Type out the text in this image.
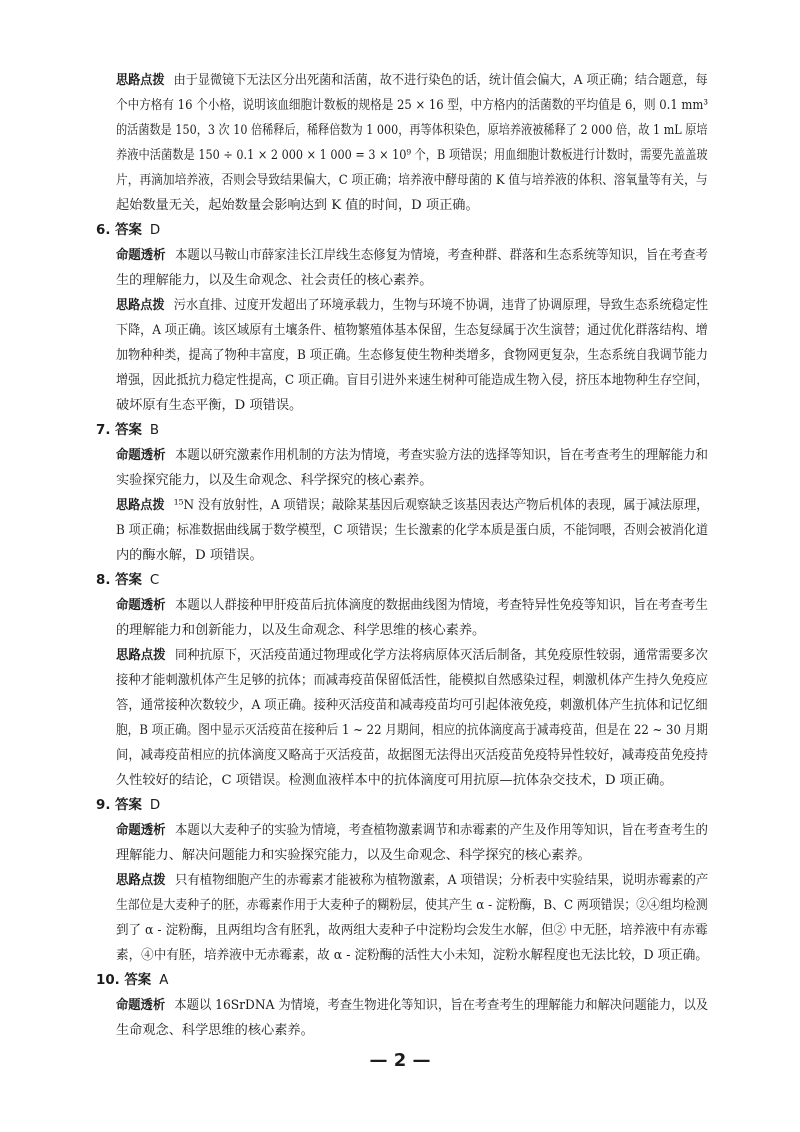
思路点拨 由于显微镜下无法区分出死菌和活菌，故不进行染色的话，统计值会偏大，A 项正确；结合题意，每
个中方格有 16 个小格，说明该血细胞计数板的规格是 25 × 16 型，中方格内的活菌数的平均值是 6，则 0.1 mm³
的活菌数是 150，3 次 10 倍稀释后，稀释倍数为 1 000，再等体积染色，原培养液被稀释了 2 000 倍，故 1 mL 原培
养液中活菌数是 150 ÷ 0.1 × 2 000 × 1 000 = 3 × 10⁹ 个，B 项错误；用血细胞计数板进行计数时，需要先盖盖玻
片，再滴加培养液，否则会导致结果偏大，C 项正确；培养液中酵母菌的 K 值与培养液的体积、溶氧量等有关，与
起始数量无关，起始数量会影响达到 K 值的时间，D 项正确。
6. 答案 D
命题透析 本题以马鞍山市薛家洼长江岸线生态修复为情境，考查种群、群落和生态系统等知识，旨在考查考
生的理解能力，以及生命观念、社会责任的核心素养。
思路点拨 污水直排、过度开发超出了环境承载力，生物与环境不协调，违背了协调原理，导致生态系统稳定性
下降，A 项正确。该区域原有土壤条件、植物繁殖体基本保留，生态复绿属于次生演替；通过优化群落结构、增
加物种种类，提高了物种丰富度，B 项正确。生态修复使生物种类增多，食物网更复杂，生态系统自我调节能力
增强，因此抵抗力稳定性提高，C 项正确。盲目引进外来速生树种可能造成生物入侵，挤压本地物种生存空间，
破坏原有生态平衡，D 项错误。
7. 答案 B
命题透析 本题以研究激素作用机制的方法为情境，考查实验方法的选择等知识，旨在考查考生的理解能力和
实验探究能力，以及生命观念、科学探究的核心素养。
思路点拨 ¹⁵N 没有放射性，A 项错误；敲除某基因后观察缺乏该基因表达产物后机体的表现，属于减法原理，
B 项正确；标准数据曲线属于数学模型，C 项错误；生长激素的化学本质是蛋白质，不能饲喂，否则会被消化道
内的酶水解，D 项错误。
8. 答案 C
命题透析 本题以人群接种甲肝疫苗后抗体滴度的数据曲线图为情境，考查特异性免疫等知识，旨在考查考生
的理解能力和创新能力，以及生命观念、科学思维的核心素养。
思路点拨 同种抗原下，灭活疫苗通过物理或化学方法将病原体灭活后制备，其免疫原性较弱，通常需要多次
接种才能刺激机体产生足够的抗体；而减毒疫苗保留低活性，能模拟自然感染过程，刺激机体产生持久免疫应
答，通常接种次数较少，A 项正确。接种灭活疫苗和减毒疫苗均可引起体液免疫，刺激机体产生抗体和记忆细
胞，B 项正确。图中显示灭活疫苗在接种后 1 ~ 22 月期间，相应的抗体滴度高于减毒疫苗，但是在 22 ~ 30 月期
间，减毒疫苗相应的抗体滴度又略高于灭活疫苗，故据图无法得出灭活疫苗免疫特异性较好，减毒疫苗免疫持
久性较好的结论，C 项错误。检测血液样本中的抗体滴度可用抗原—抗体杂交技术，D 项正确。
9. 答案 D
命题透析 本题以大麦种子的实验为情境，考查植物激素调节和赤霉素的产生及作用等知识，旨在考查考生的
理解能力、解决问题能力和实验探究能力，以及生命观念、科学探究的核心素养。
思路点拨 只有植物细胞产生的赤霉素才能被称为植物激素，A 项错误；分析表中实验结果，说明赤霉素的产
生部位是大麦种子的胚，赤霉素作用于大麦种子的糊粉层，使其产生 α - 淀粉酶，B、C 两项错误；②④组均检测
到了 α - 淀粉酶，且两组均含有胚乳，故两组大麦种子中淀粉均会发生水解，但② 中无胚，培养液中有赤霉
素，④中有胚，培养液中无赤霉素，故 α - 淀粉酶的活性大小未知，淀粉水解程度也无法比较，D 项正确。
10. 答案 A
命题透析 本题以 16SrDNA 为情境，考查生物进化等知识，旨在考查考生的理解能力和解决问题能力，以及
生命观念、科学思维的核心素养。
— 2 —
